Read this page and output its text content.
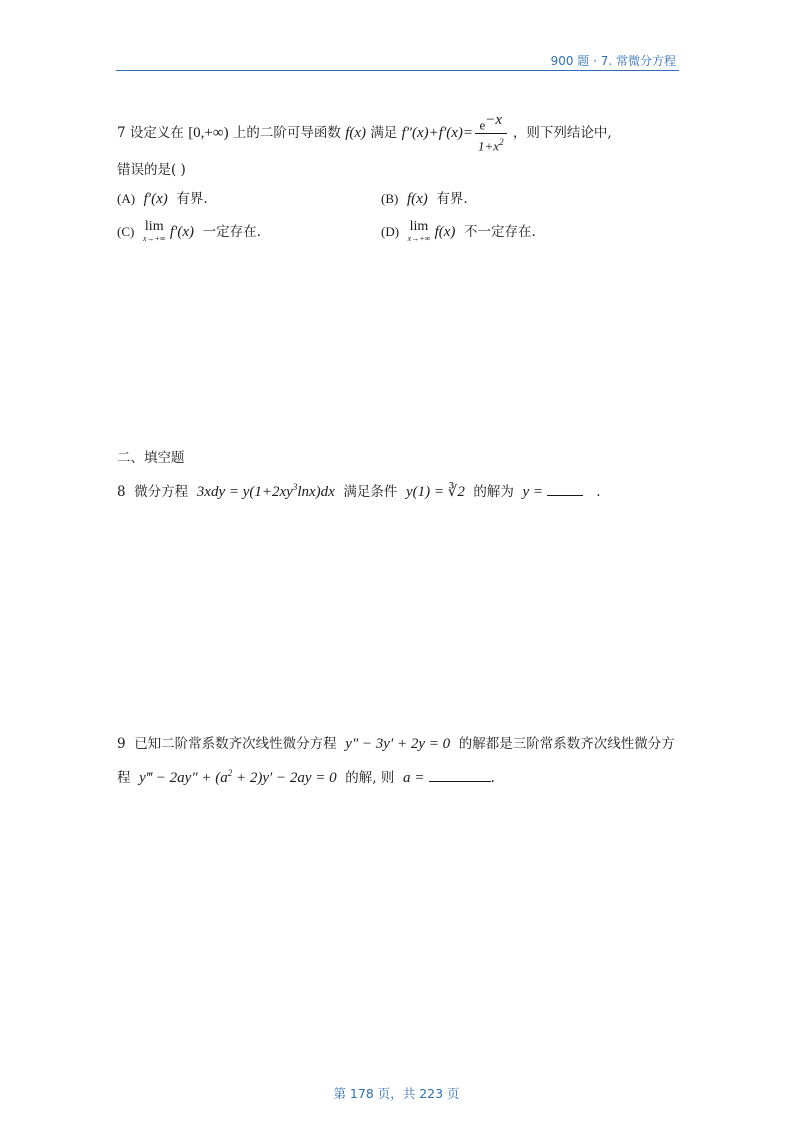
900 题 · 7. 常微分方程
7 设定义在 [0,+∞) 上的二阶可导函数 f(x) 满足 $f''(x)+f'(x)= \frac{e^{-x}}{1+x^2}$ ，则下列结论中,
错误的是( )
(A) f′(x) 有界.	(B) f(x) 有界.
(C) lim
x→+∞ f′(x) 一定存在.	(D) lim
x→+∞ f(x) 不一定存在.
二、填空题
8 微分方程 $3xdy = y(1+2xy^3\ln x)dx$ 满足条件 y(1) = ∛2 的解为 y =	.
9 已知二阶常系数齐次线性微分方程 y″ − 3y′ + 2y = 0 的解都是三阶常系数齐次线性微分方
程 y‴ − $2ay'' + (a^2 + 2)y' - 2ay = 0$ 的解, 则 a =	.
第 178 页，共 223 页
